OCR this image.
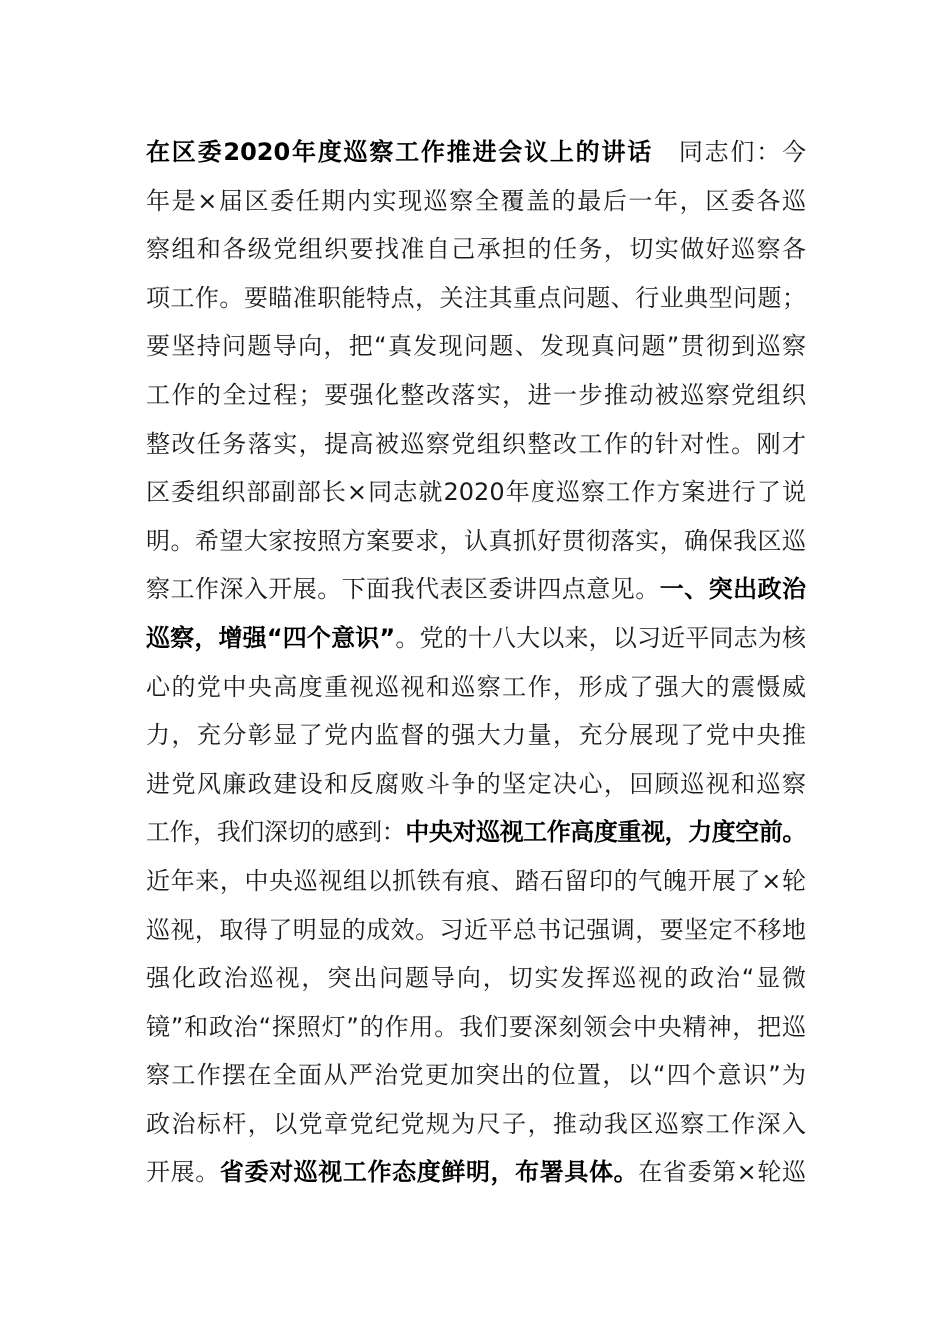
在区委2020年度巡察工作推进会议上的讲话　同志们：今
年是×届区委任期内实现巡察全覆盖的最后一年，区委各巡
察组和各级党组织要找准自己承担的任务，切实做好巡察各
项工作。要瞄准职能特点，关注其重点问题、行业典型问题；
要坚持问题导向，把“真发现问题、发现真问题”贯彻到巡察
工作的全过程；要强化整改落实，进一步推动被巡察党组织
整改任务落实，提高被巡察党组织整改工作的针对性。刚才
区委组织部副部长×同志就2020年度巡察工作方案进行了说
明。希望大家按照方案要求，认真抓好贯彻落实，确保我区巡
察工作深入开展。下面我代表区委讲四点意见。一、突出政治
巡察，增强“四个意识”。党的十八大以来，以习近平同志为核
心的党中央高度重视巡视和巡察工作，形成了强大的震慑威
力，充分彰显了党内监督的强大力量，充分展现了党中央推
进党风廉政建设和反腐败斗争的坚定决心，回顾巡视和巡察
工作，我们深切的感到：中央对巡视工作高度重视，力度空前。
近年来，中央巡视组以抓铁有痕、踏石留印的气魄开展了×轮
巡视，取得了明显的成效。习近平总书记强调，要坚定不移地
强化政治巡视，突出问题导向，切实发挥巡视的政治“显微
镜”和政治“探照灯”的作用。我们要深刻领会中央精神，把巡
察工作摆在全面从严治党更加突出的位置，以“四个意识”为
政治标杆，以党章党纪党规为尺子，推动我区巡察工作深入
开展。省委对巡视工作态度鲜明，布署具体。在省委第×轮巡
